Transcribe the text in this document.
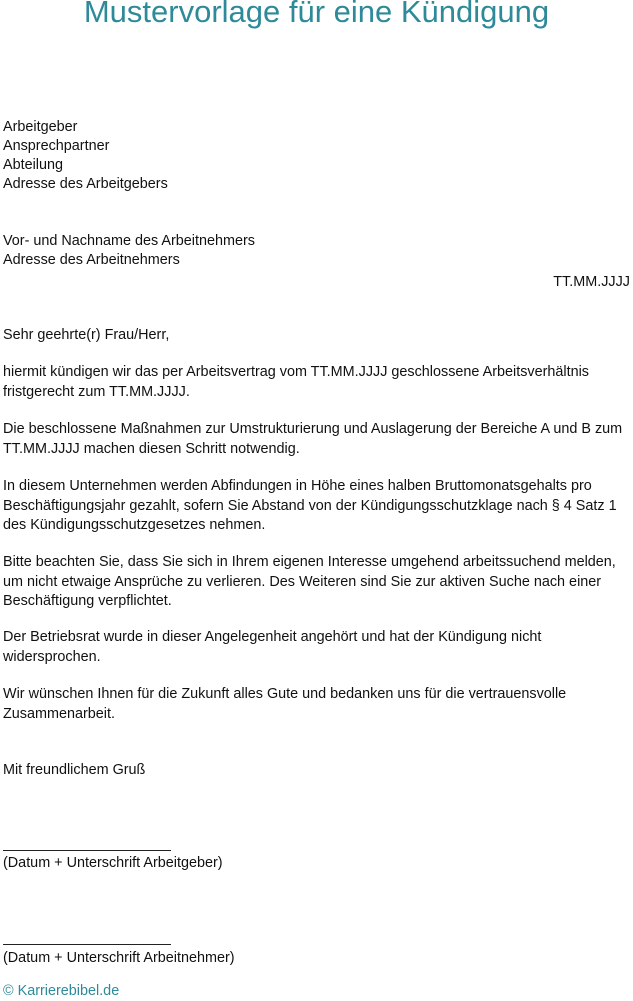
Mustervorlage für eine Kündigung
Arbeitgeber
Ansprechpartner
Abteilung
Adresse des Arbeitgebers
Vor- und Nachname des Arbeitnehmers
Adresse des Arbeitnehmers
TT.MM.JJJJ
Sehr geehrte(r) Frau/Herr,
hiermit kündigen wir das per Arbeitsvertrag vom TT.MM.JJJJ geschlossene Arbeitsverhältnis fristgerecht zum TT.MM.JJJJ.
Die beschlossene Maßnahmen zur Umstrukturierung und Auslagerung der Bereiche A und B zum TT.MM.JJJJ machen diesen Schritt notwendig.
In diesem Unternehmen werden Abfindungen in Höhe eines halben Bruttomonatsgehalts pro Beschäftigungsjahr gezahlt, sofern Sie Abstand von der Kündigungsschutzklage nach § 4 Satz 1 des Kündigungsschutzgesetzes nehmen.
Bitte beachten Sie, dass Sie sich in Ihrem eigenen Interesse umgehend arbeitssuchend melden, um nicht etwaige Ansprüche zu verlieren. Des Weiteren sind Sie zur aktiven Suche nach einer Beschäftigung verpflichtet.
Der Betriebsrat wurde in dieser Angelegenheit angehört und hat der Kündigung nicht widersprochen.
Wir wünschen Ihnen für die Zukunft alles Gute und bedanken uns für die vertrauensvolle Zusammenarbeit.
Mit freundlichem Gruß
(Datum + Unterschrift Arbeitgeber)
(Datum + Unterschrift Arbeitnehmer)
© Karrierebibel.de
